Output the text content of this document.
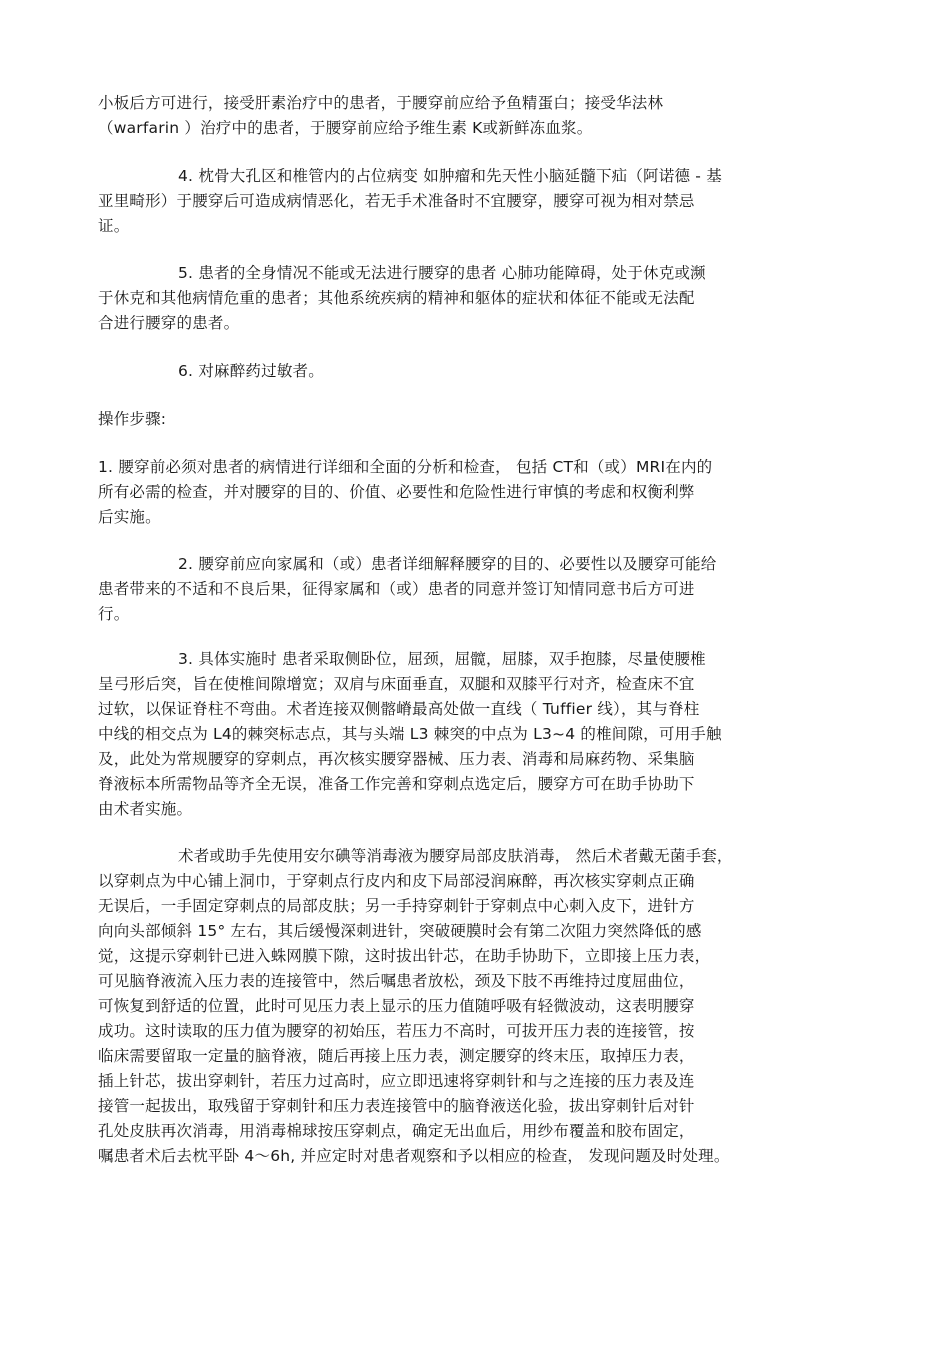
小板后方可进行，接受肝素治疗中的患者，于腰穿前应给予鱼精蛋白；接受华法林
（warfarin ）治疗中的患者，于腰穿前应给予维生素 K或新鲜冻血浆。
4. 枕骨大孔区和椎管内的占位病变 如肿瘤和先天性小脑延髓下疝（阿诺德 - 基
亚里畸形）于腰穿后可造成病情恶化，若无手术准备时不宜腰穿，腰穿可视为相对禁忌
证。
5. 患者的全身情况不能或无法进行腰穿的患者 心肺功能障碍，处于休克或濒
于休克和其他病情危重的患者；其他系统疾病的精神和躯体的症状和体征不能或无法配
合进行腰穿的患者。
6. 对麻醉药过敏者。
操作步骤:
1. 腰穿前必须对患者的病情进行详细和全面的分析和检查， 包括 CT和（或）MRI在内的
所有必需的检查，并对腰穿的目的、价值、必要性和危险性进行审慎的考虑和权衡利弊
后实施。
2. 腰穿前应向家属和（或）患者详细解释腰穿的目的、必要性以及腰穿可能给
患者带来的不适和不良后果，征得家属和（或）患者的同意并签订知情同意书后方可进
行。
3. 具体实施时 患者采取侧卧位，屈颈，屈髋，屈膝，双手抱膝，尽量使腰椎
呈弓形后突，旨在使椎间隙增宽；双肩与床面垂直，双腿和双膝平行对齐，检查床不宜
过软，以保证脊柱不弯曲。术者连接双侧髂嵴最高处做一直线（ Tuffier 线），其与脊柱
中线的相交点为 L4的棘突标志点，其与头端 L3 棘突的中点为 L3~4 的椎间隙，可用手触
及，此处为常规腰穿的穿刺点，再次核实腰穿器械、压力表、消毒和局麻药物、采集脑
脊液标本所需物品等齐全无误，准备工作完善和穿刺点选定后，腰穿方可在助手协助下
由术者实施。
术者或助手先使用安尔碘等消毒液为腰穿局部皮肤消毒， 然后术者戴无菌手套，
以穿刺点为中心铺上洞巾，于穿刺点行皮内和皮下局部浸润麻醉，再次核实穿刺点正确
无误后，一手固定穿刺点的局部皮肤；另一手持穿刺针于穿刺点中心刺入皮下，进针方
向向头部倾斜 15° 左右，其后缓慢深刺进针，突破硬膜时会有第二次阻力突然降低的感
觉，这提示穿刺针已进入蛛网膜下隙，这时拔出针芯，在助手协助下，立即接上压力表，
可见脑脊液流入压力表的连接管中，然后嘱患者放松，颈及下肢不再维持过度屈曲位，
可恢复到舒适的位置，此时可见压力表上显示的压力值随呼吸有轻微波动，这表明腰穿
成功。这时读取的压力值为腰穿的初始压，若压力不高时，可拔开压力表的连接管，按
临床需要留取一定量的脑脊液，随后再接上压力表，测定腰穿的终末压，取掉压力表，
插上针芯，拔出穿刺针，若压力过高时，应立即迅速将穿刺针和与之连接的压力表及连
接管一起拔出，取残留于穿刺针和压力表连接管中的脑脊液送化验，拔出穿刺针后对针
孔处皮肤再次消毒，用消毒棉球按压穿刺点，确定无出血后，用纱布覆盖和胶布固定，
嘱患者术后去枕平卧 4～6h, 并应定时对患者观察和予以相应的检查， 发现问题及时处理。
